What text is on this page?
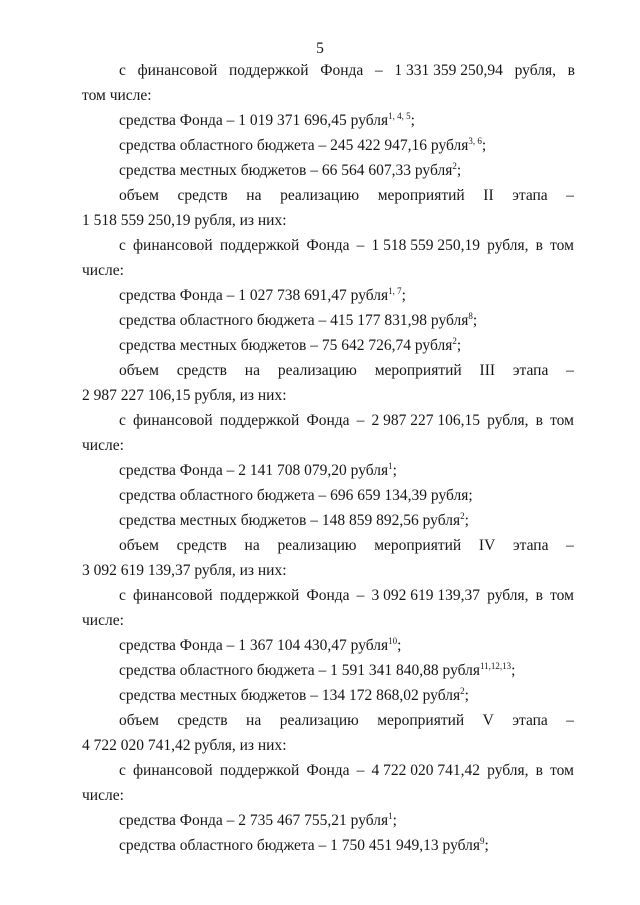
5
с финансовой поддержкой Фонда – 1 331 359 250,94 рубля, в
том числе:
средства Фонда – 1 019 371 696,45 рубля$^{1, 4, 5}$;
средства областного бюджета – 245 422 947,16 рубля$^{3, 6}$;
средства местных бюджетов – 66 564 607,33 рубля$^2$;
объем средств на реализацию мероприятий II этапа –
1 518 559 250,19 рубля, из них:
с финансовой поддержкой Фонда – 1 518 559 250,19 рубля, в том
числе:
средства Фонда – 1 027 738 691,47 рубля$^{1, 7}$;
средства областного бюджета – 415 177 831,98 рубля$^8$;
средства местных бюджетов – 75 642 726,74 рубля$^2$;
объем средств на реализацию мероприятий III этапа –
2 987 227 106,15 рубля, из них:
с финансовой поддержкой Фонда – 2 987 227 106,15 рубля, в том
числе:
средства Фонда – 2 141 708 079,20 рубля$^1$;
средства областного бюджета – 696 659 134,39 рубля;
средства местных бюджетов – 148 859 892,56 рубля$^2$;
объем средств на реализацию мероприятий IV этапа –
3 092 619 139,37 рубля, из них:
с финансовой поддержкой Фонда – 3 092 619 139,37 рубля, в том
числе:
средства Фонда – 1 367 104 430,47 рубля$^{10}$;
средства областного бюджета – 1 591 341 840,88 рубля$^{11,12,13}$;
средства местных бюджетов – 134 172 868,02 рубля$^2$;
объем средств на реализацию мероприятий V этапа –
4 722 020 741,42 рубля, из них:
с финансовой поддержкой Фонда – 4 722 020 741,42 рубля, в том
числе:
средства Фонда – 2 735 467 755,21 рубля$^1$;
средства областного бюджета – 1 750 451 949,13 рубля$^9$;
